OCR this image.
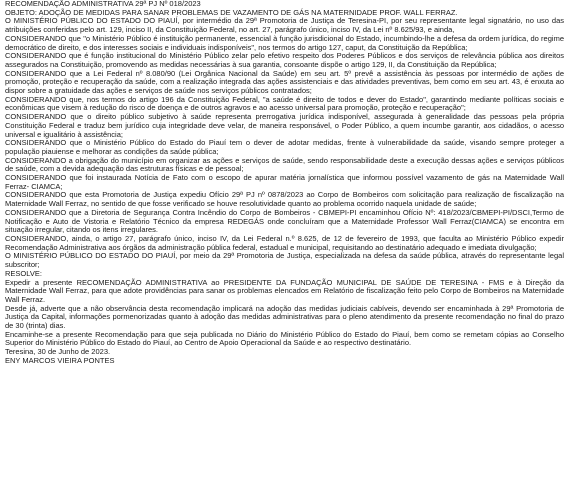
RECOMENDAÇÃO ADMINISTRATIVA 29ª PJ Nº 018/2023

OBJETO: ADOÇÃO DE MEDIDAS PARA SANAR PROBLEMAS DE VAZAMENTO DE GÁS NA MATERNIDADE PROF. WALL FERRAZ.

O MINISTÉRIO PÚBLICO DO ESTADO DO PIAUÍ, por intermédio da 29ª Promotoria de Justiça de Teresina-PI, por seu representante legal signatário, no uso das atribuições conferidas pelo art. 129, inciso II, da Constituição Federal, no art. 27, parágrafo único, inciso IV, da Lei nº 8.625/93, e ainda,

CONSIDERANDO que "o Ministério Público é instituição permanente, essencial à função jurisdicional do Estado, incumbindo-lhe a defesa da ordem jurídica, do regime democrático de direito, e dos interesses sociais e individuais indisponíveis", nos termos do artigo 127, caput, da Constituição da República;

CONSIDERANDO que é função institucional do Ministério Público zelar pelo efetivo respeito dos Poderes Públicos e dos serviços de relevância pública aos direitos assegurados na Constituição, promovendo as medidas necessárias à sua garantia, consoante dispõe o artigo 129, II, da Constituição da República;

CONSIDERANDO que a Lei Federal nº 8.080/90 (Lei Orgânica Nacional da Saúde) em seu art. 5º prevê a assistência às pessoas por intermédio de ações de promoção, proteção e recuperação da saúde, com a realização integrada das ações assistenciais e das atividades preventivas, bem como em seu art. 43, é enxuta ao dispor sobre a gratuidade das ações e serviços de saúde nos serviços públicos contratados;

CONSIDERANDO que, nos termos do artigo 196 da Constituição Federal, "a saúde é direito de todos e dever do Estado", garantindo mediante políticas sociais e econômicas que visem à redução do risco de doença e de outros agravos e ao acesso universal para promoção, proteção e recuperação";

CONSIDERANDO que o direito público subjetivo à saúde representa prerrogativa jurídica indisponível, assegurada à generalidade das pessoas pela própria Constituição Federal e traduz bem jurídico cuja integridade deve velar, de maneira responsável, o Poder Público, a quem incumbe garantir, aos cidadãos, o acesso universal e igualitário à assistência;

CONSIDERANDO que o Ministério Público do Estado do Piauí tem o dever de adotar medidas, frente à vulnerabilidade da saúde, visando sempre proteger a população piauiense e melhorar as condições da saúde pública;

CONSIDERANDO a obrigação do município em organizar as ações e serviços de saúde, sendo responsabilidade deste a execução dessas ações e serviços públicos de saúde, com a devida adequação das estruturas físicas e de pessoal;

CONSIDERANDO que foi instaurada Notícia de Fato com o escopo de apurar matéria jornalística que informou possível vazamento de gás na Maternidade Wall Ferraz- CIAMCA;

CONSIDERANDO que esta Promotoria de Justiça expediu Ofício 29ª PJ nº 0878/2023 ao Corpo de Bombeiros com solicitação para realização de fiscalização na Maternidade Wall Ferraz, no sentido de que fosse verificado se houve resolutividade quanto ao problema ocorrido naquela unidade de saúde;

CONSIDERANDO que a Diretoria de Segurança Contra Incêndio do Corpo de Bombeiros - CBMEPI-PI encaminhou Ofício Nº: 418/2023/CBMEPI-PI/DSCI,Termo de Notificação e Auto de Vistoria e Relatório Técnico da empresa REDEGÁS onde concluíram que a Maternidade Professor Wall Ferraz(CIAMCA) se encontra em situação irregular, citando os itens irregulares.

CONSIDERANDO, ainda, o artigo 27, parágrafo único, inciso IV, da Lei Federal n.º 8.625, de 12 de fevereiro de 1993, que faculta ao Ministério Público expedir Recomendação Administrativa aos órgãos da administração pública federal, estadual e municipal, requisitando ao destinatário adequado e imediata divulgação;

O MINISTÉRIO PÚBLICO DO ESTADO DO PIAUÍ, por meio da 29ª Promotoria de Justiça, especializada na defesa da saúde pública, através do representante legal subscritor;

RESOLVE:

Expedir a presente RECOMENDAÇÃO ADMINISTRATIVA ao PRESIDENTE DA FUNDAÇÃO MUNICIPAL DE SAÚDE DE TERESINA - FMS e à Direção da Maternidade Wall Ferraz, para que adote providências para sanar os problemas elencados em Relatório de fiscalização feito pelo Corpo de Bombeiros na Maternidade Wall Ferraz.

Desde já, adverte que a não observância desta recomendação implicará na adoção das medidas judiciais cabíveis, devendo ser encaminhada à 29ª Promotoria de Justiça da Capital, informações pormenorizadas quanto à adoção das medidas administrativas para o pleno atendimento da presente recomendação no final do prazo de 30 (trinta) dias.

Encaminhe-se a presente Recomendação para que seja publicada no Diário do Ministério Público do Estado do Piauí, bem como se remetam cópias ao Conselho Superior do Ministério Público do Estado do Piauí, ao Centro de Apoio Operacional da Saúde e ao respectivo destinatário.

Teresina, 30 de Junho de 2023.

ENY MARCOS VIEIRA PONTES
